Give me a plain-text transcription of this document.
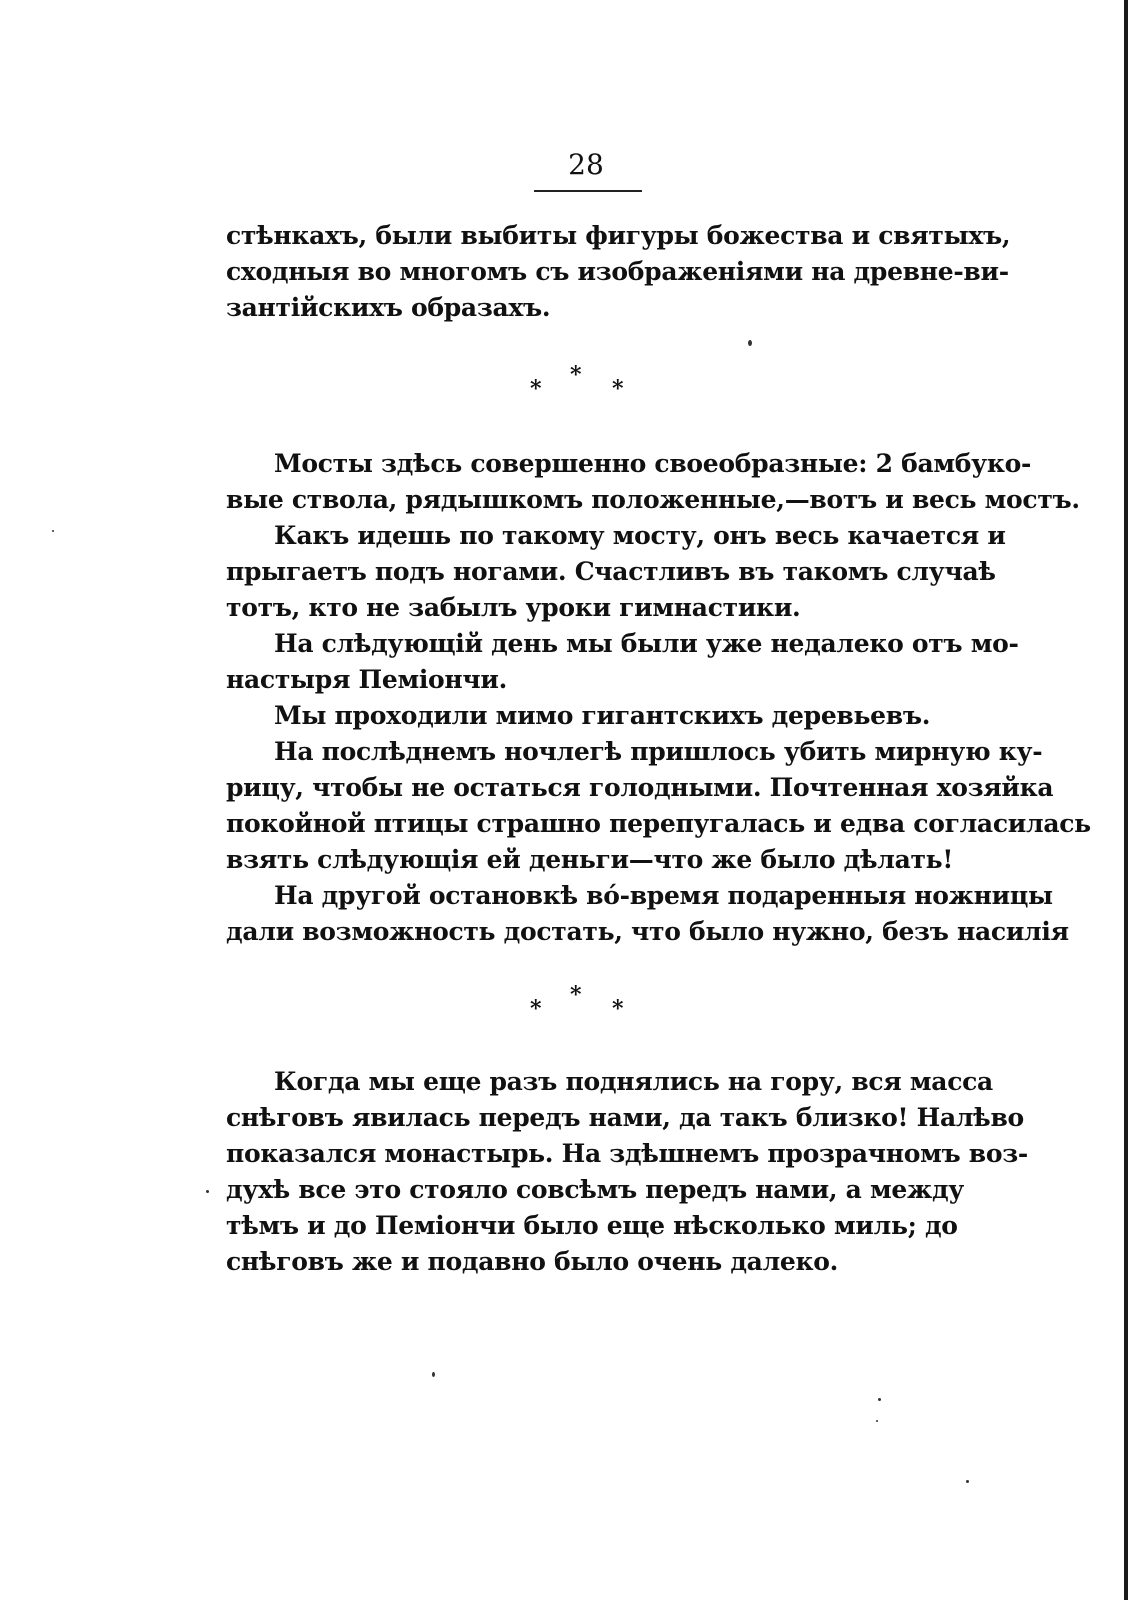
28
стѣнкахъ, были выбиты фигуры божества и святыхъ,
сходныя во многомъ съ изображеніями на древне-ви-
зантійскихъ образахъ.
*
*
*
Мосты здѣсь совершенно своеобразные: 2 бамбуко-
вые ствола, рядышкомъ положенные,—вотъ и весь мостъ.
Какъ идешь по такому мосту, онъ весь качается и
прыгаетъ подъ ногами. Счастливъ въ такомъ случаѣ
тотъ, кто не забылъ уроки гимнастики.
На слѣдующій день мы были уже недалеко отъ мо-
настыря Пеміончи.
Мы проходили мимо гигантскихъ деревьевъ.
На послѣднемъ ночлегѣ пришлось убить мирную ку-
рицу, чтобы не остаться голодными. Почтенная хозяйка
покойной птицы страшно перепугалась и едва согласилась
взять слѣдующія ей деньги—что же было дѣлать!
На другой остановкѣ вó-время подаренныя ножницы
дали возможность достать, что было нужно, безъ насилія
*
*
*
Когда мы еще разъ поднялись на гору, вся масса
снѣговъ явилась передъ нами, да такъ близко! Налѣво
показался монастырь. На здѣшнемъ прозрачномъ воз-
духѣ все это стояло совсѣмъ передъ нами, а между
тѣмъ и до Пеміончи было еще нѣсколько миль; до
снѣговъ же и подавно было очень далеко.
